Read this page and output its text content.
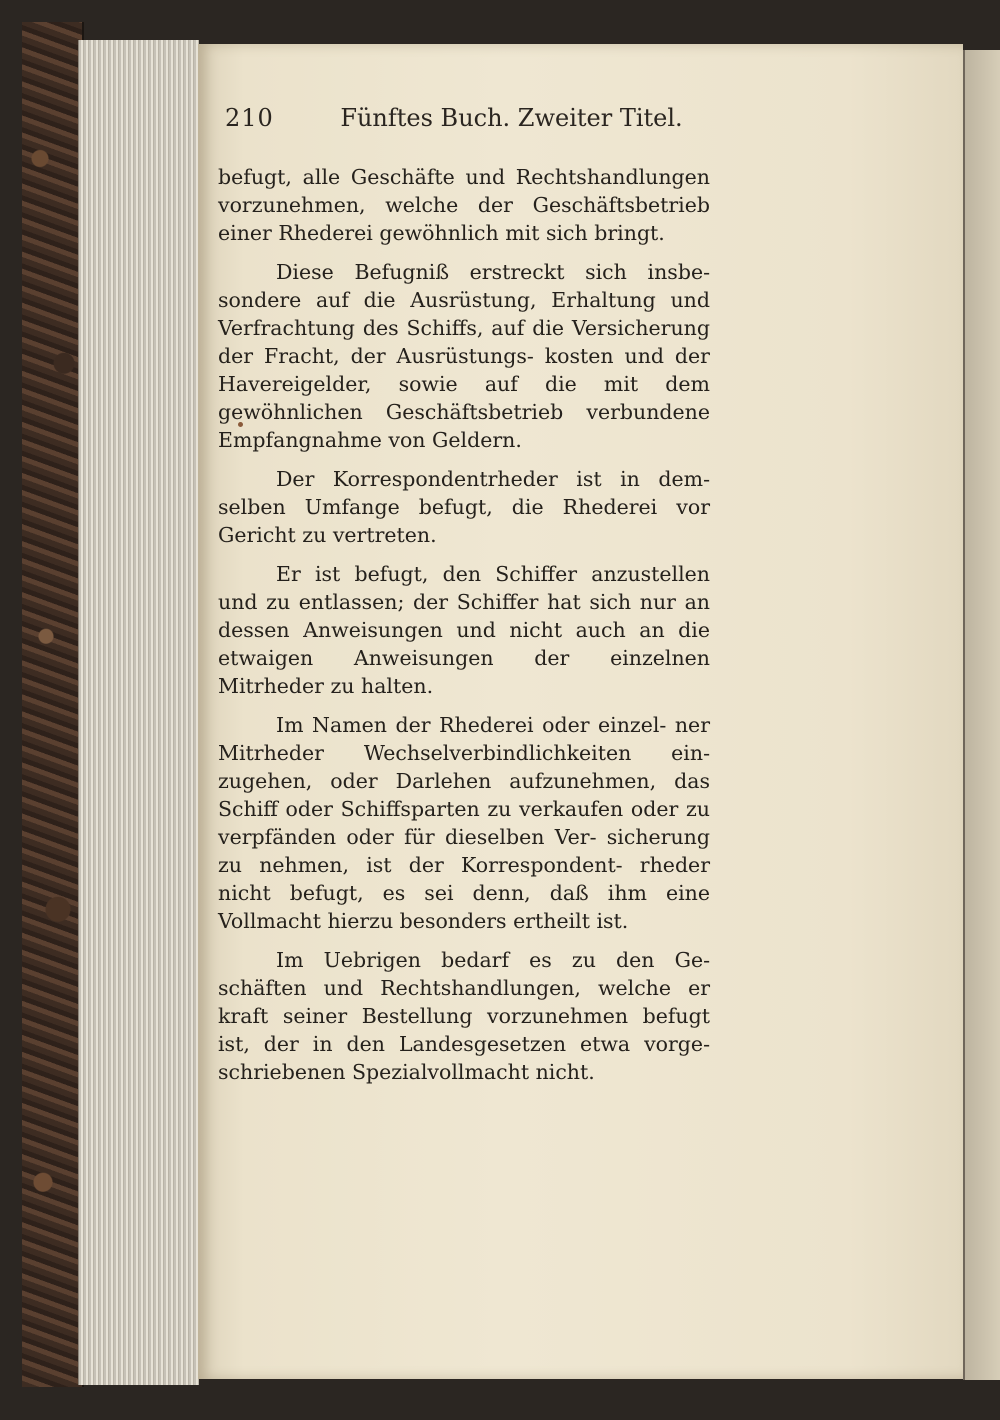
210	Fünftes Buch. Zweiter Titel.

befugt, alle Geschäfte und Rechtshandlungen vorzunehmen, welche der Geschäftsbetrieb einer Rhederei gewöhnlich mit sich bringt.

Diese Befugniß erstreckt sich insbe- sondere auf die Ausrüstung, Erhaltung und Verfrachtung des Schiffs, auf die Versicherung der Fracht, der Ausrüstungs- kosten und der Havereigelder, sowie auf die mit dem gewöhnlichen Geschäftsbetrieb verbundene Empfangnahme von Geldern.

Der Korrespondentrheder ist in dem- selben Umfange befugt, die Rhederei vor Gericht zu vertreten.

Er ist befugt, den Schiffer anzustellen und zu entlassen; der Schiffer hat sich nur an dessen Anweisungen und nicht auch an die etwaigen Anweisungen der einzelnen Mitrheder zu halten.

Im Namen der Rhederei oder einzel- ner Mitrheder Wechselverbindlichkeiten ein- zugehen, oder Darlehen aufzunehmen, das Schiff oder Schiffsparten zu verkaufen oder zu verpfänden oder für dieselben Ver- sicherung zu nehmen, ist der Korrespondent- rheder nicht befugt, es sei denn, daß ihm eine Vollmacht hierzu besonders ertheilt ist.

Im Uebrigen bedarf es zu den Ge- schäften und Rechtshandlungen, welche er kraft seiner Bestellung vorzunehmen befugt ist, der in den Landesgesetzen etwa vorge- schriebenen Spezialvollmacht nicht.
